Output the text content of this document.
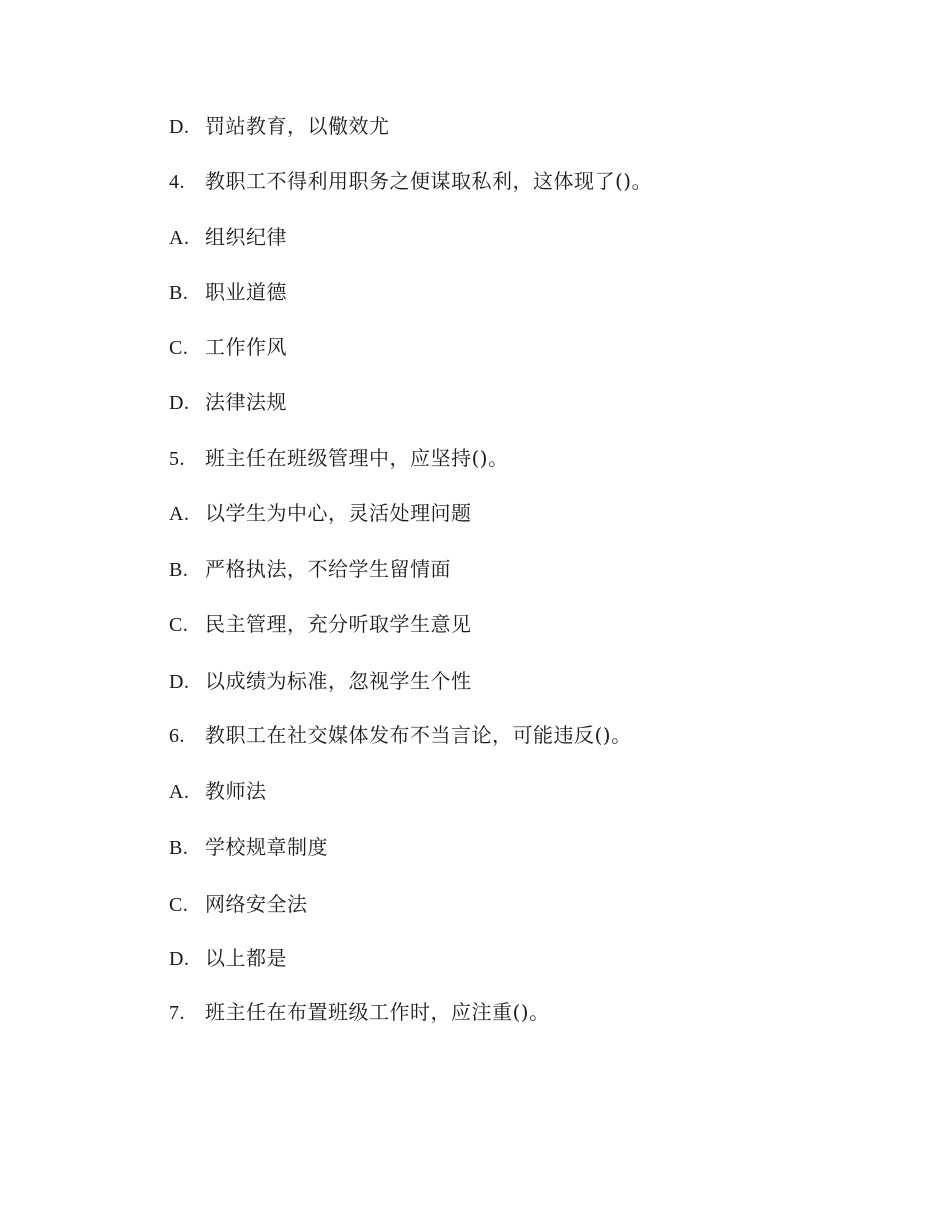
D. 罚站教育，以儆效尤
4. 教职工不得利用职务之便谋取私利，这体现了()。
A. 组织纪律
B. 职业道德
C. 工作作风
D. 法律法规
5. 班主任在班级管理中，应坚持()。
A. 以学生为中心，灵活处理问题
B. 严格执法，不给学生留情面
C. 民主管理，充分听取学生意见
D. 以成绩为标准，忽视学生个性
6. 教职工在社交媒体发布不当言论，可能违反()。
A. 教师法
B. 学校规章制度
C. 网络安全法
D. 以上都是
7. 班主任在布置班级工作时，应注重()。
